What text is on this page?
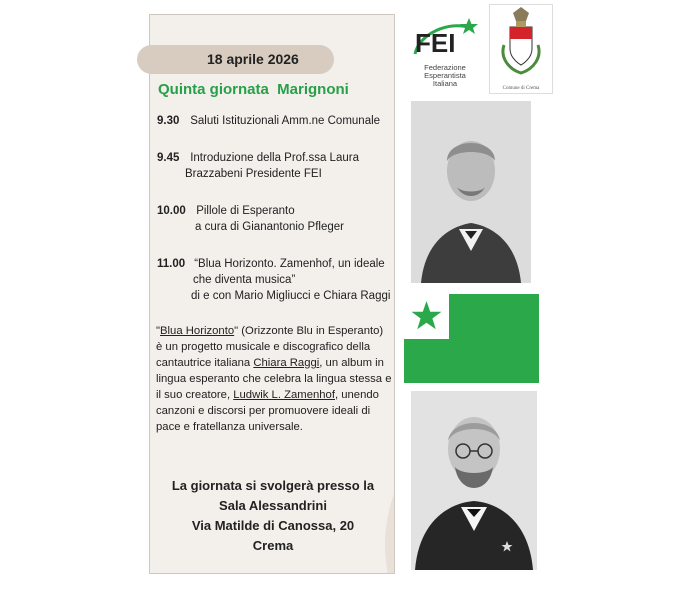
18 aprile 2026
Quinta giornata  Marignoni
9.30 Saluti Istituzionali Amm.ne Comunale
9.45 Introduzione della Prof.ssa Laura
Brazzabeni Presidente FEI
10.00 Pillole di Esperanto
a cura di Gianantonio Pfleger
11.00 “Blua Horizonto. Zamenhof, un ideale
che diventa musica”
di e con Mario Migliucci e Chiara Raggi
"Blua Horizonto" (Orizzonte Blu in Esperanto) è un progetto musicale e discografico della cantautrice italiana Chiara Raggi, un album in lingua esperanto che celebra la lingua stessa e il suo creatore, Ludwik L. Zamenhof, unendo canzoni e discorsi per promuovere ideali di pace e fratellanza universale.
La giornata si svolgerà presso la
Sala Alessandrini
Via Matilde di Canossa, 20
Crema
FEI
Federazione
Esperantista
Italiana
Comune di Crema
